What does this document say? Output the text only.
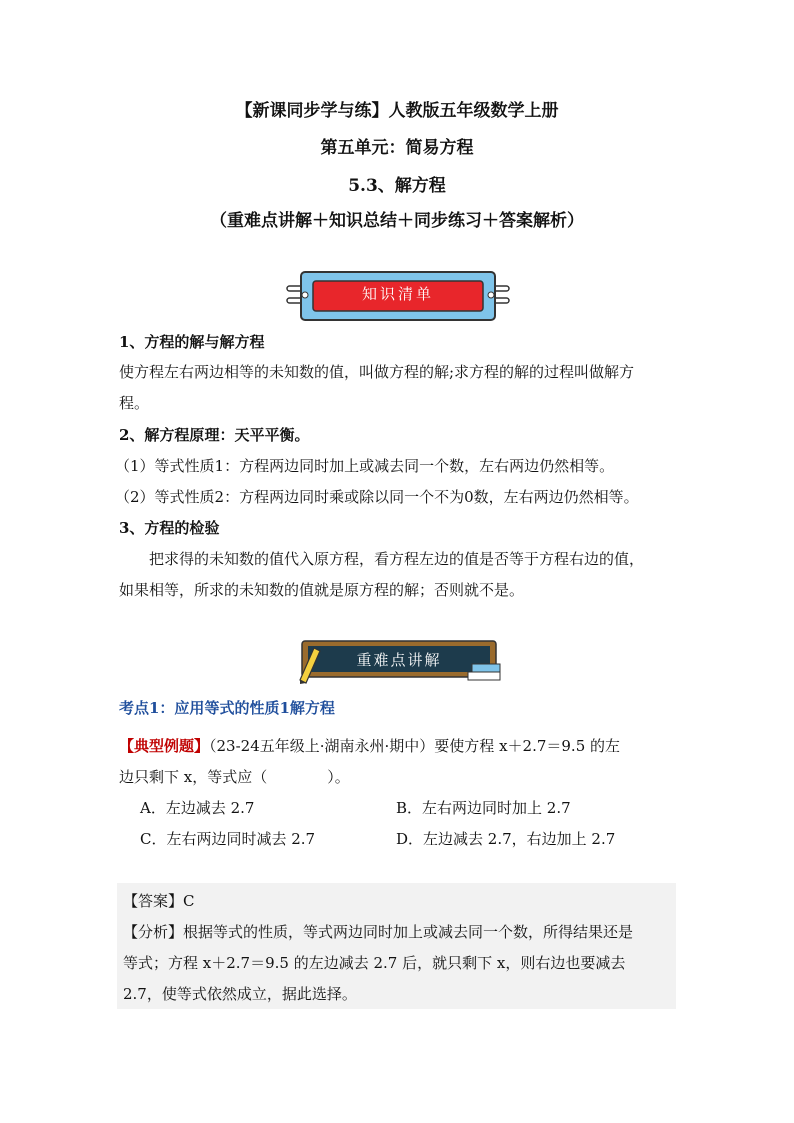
【新课同步学与练】人教版五年级数学上册
第五单元：简易方程
5.3、解方程
（重难点讲解＋知识总结＋同步练习＋答案解析）
知识清单
1、方程的解与解方程
使方程左右两边相等的未知数的值，叫做方程的解;求方程的解的过程叫做解方
程。
2、解方程原理：天平平衡。
（1）等式性质1：方程两边同时加上或减去同一个数，左右两边仍然相等。
（2）等式性质2：方程两边同时乘或除以同一个不为0数，左右两边仍然相等。
3、方程的检验
把求得的未知数的值代入原方程，看方程左边的值是否等于方程右边的值，
如果相等，所求的未知数的值就是原方程的解；否则就不是。
重难点讲解
考点1：应用等式的性质1解方程
【典型例题】（23-24五年级上·湖南永州·期中）要使方程 x＋2.7＝9.5 的左
边只剩下 x，等式应（　　　　）。
A．左边减去 2.7	B．左右两边同时加上 2.7
C．左右两边同时减去 2.7	D．左边减去 2.7，右边加上 2.7
【答案】C
【分析】根据等式的性质，等式两边同时加上或减去同一个数，所得结果还是
等式；方程 x＋2.7＝9.5 的左边减去 2.7 后，就只剩下 x，则右边也要减去
2.7，使等式依然成立，据此选择。
